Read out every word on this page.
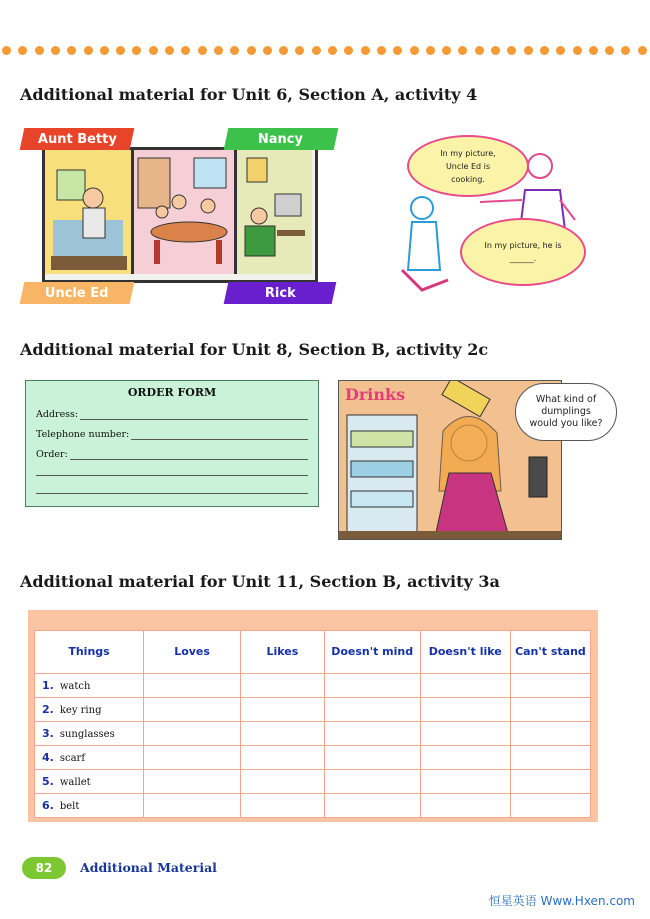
Additional material for Unit 6, Section A, activity 4
Aunt Betty	Nancy
Uncle Ed	Rick
In my picture, Uncle Ed is cooking.
In my picture, he is ______.
Additional material for Unit 8, Section B, activity 2c
ORDER FORM
Address:
Telephone number:
Order:
Drinks	What kind of dumplings would you like?
Additional material for Unit 11, Section B, activity 3a
Things	Loves	Likes	Doesn't mind	Doesn't like	Can't stand
1. watch					
2. key ring					
3. sunglasses					
4. scarf					
5. wallet					
6. belt					
82	Additional Material
恒星英语 Www.Hxen.com
